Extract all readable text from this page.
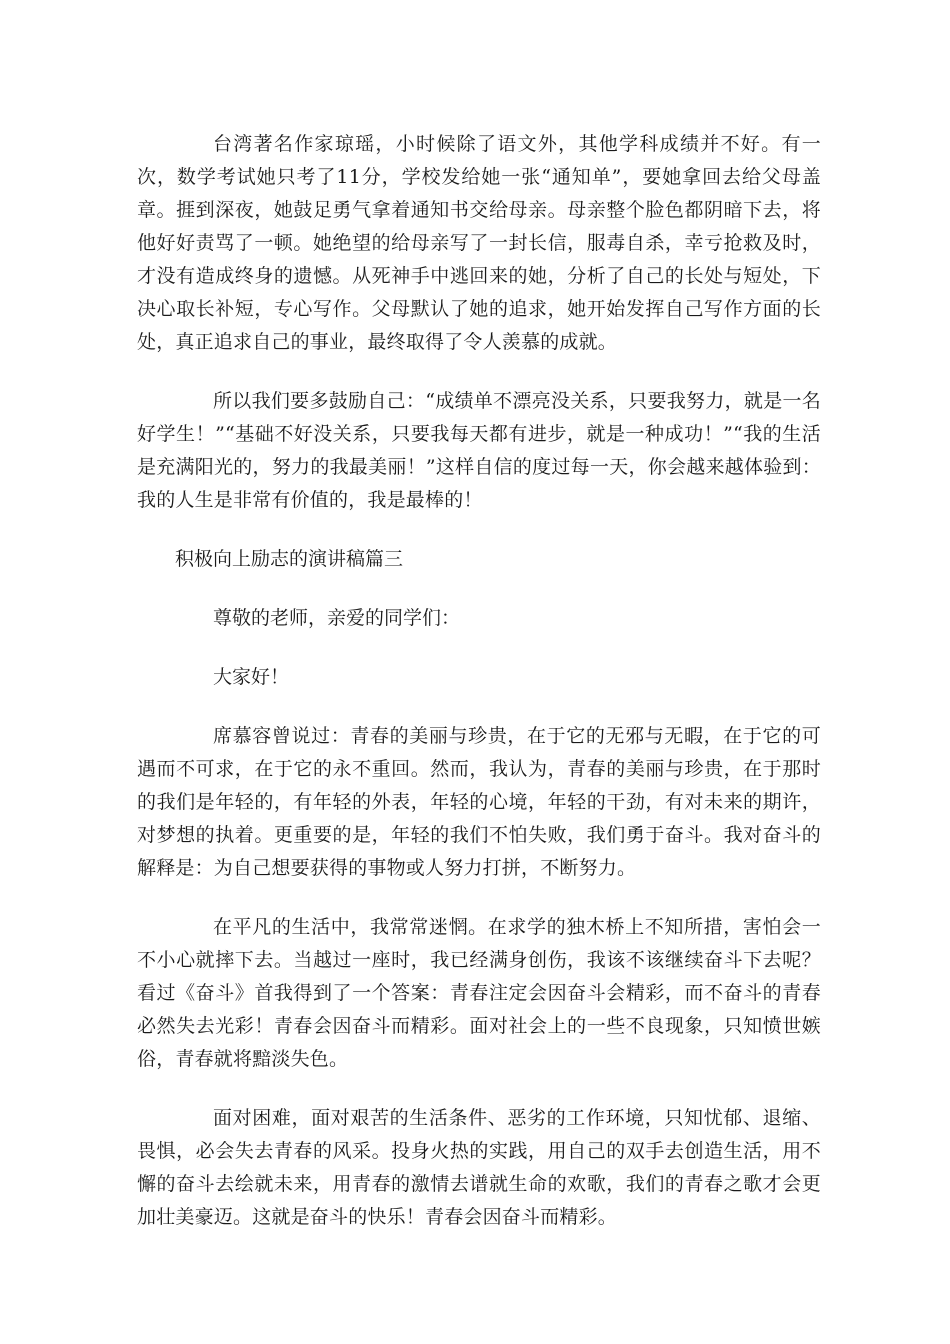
台湾著名作家琼瑶，小时候除了语文外，其他学科成绩并不好。有一次，数学考试她只考了11分，学校发给她一张“通知单”，要她拿回去给父母盖章。捱到深夜，她鼓足勇气拿着通知书交给母亲。母亲整个脸色都阴暗下去，将他好好责骂了一顿。她绝望的给母亲写了一封长信，服毒自杀，幸亏抢救及时，才没有造成终身的遗憾。从死神手中逃回来的她，分析了自己的长处与短处，下决心取长补短，专心写作。父母默认了她的追求，她开始发挥自己写作方面的长处，真正追求自己的事业，最终取得了令人羡慕的成就。

所以我们要多鼓励自己：“成绩单不漂亮没关系，只要我努力，就是一名好学生！”“基础不好没关系，只要我每天都有进步，就是一种成功！”“我的生活是充满阳光的，努力的我最美丽！”这样自信的度过每一天，你会越来越体验到：我的人生是非常有价值的，我是最棒的！

积极向上励志的演讲稿篇三

尊敬的老师，亲爱的同学们：

大家好！

席慕容曾说过：青春的美丽与珍贵，在于它的无邪与无暇，在于它的可遇而不可求，在于它的永不重回。然而，我认为，青春的美丽与珍贵，在于那时的我们是年轻的，有年轻的外表，年轻的心境，年轻的干劲，有对未来的期许，对梦想的执着。更重要的是，年轻的我们不怕失败，我们勇于奋斗。我对奋斗的解释是：为自己想要获得的事物或人努力打拼，不断努力。

在平凡的生活中，我常常迷惘。在求学的独木桥上不知所措，害怕会一不小心就摔下去。当越过一座时，我已经满身创伤，我该不该继续奋斗下去呢？看过《奋斗》首我得到了一个答案：青春注定会因奋斗会精彩，而不奋斗的青春必然失去光彩！青春会因奋斗而精彩。面对社会上的一些不良现象，只知愤世嫉俗，青春就将黯淡失色。

面对困难，面对艰苦的生活条件、恶劣的工作环境，只知忧郁、退缩、畏惧，必会失去青春的风采。投身火热的实践，用自己的双手去创造生活，用不懈的奋斗去绘就未来，用青春的激情去谱就生命的欢歌，我们的青春之歌才会更加壮美豪迈。这就是奋斗的快乐！青春会因奋斗而精彩。
